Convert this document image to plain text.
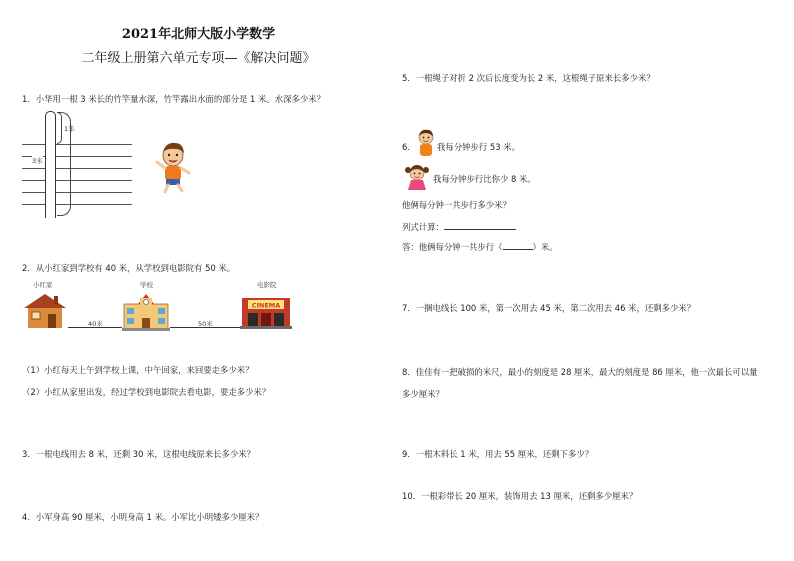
2021年北师大版小学数学
二年级上册第六单元专项—《解决问题》
1．小华用一根 3 米长的竹竿量水深，竹竿露出水面的部分是 1 米。水深多少米？
1米
3米
2．从小红家到学校有 40 米，从学校到电影院有 50 米。
小红家	学校	电影院
CINEMA
40米	50米
（1）小红每天上午到学校上课，中午回家，来回要走多少米？
（2）小红从家里出发，经过学校到电影院去看电影，要走多少米？
3．一根电线用去 8 米，还剩 30 米，这根电线原来长多少米？
4．小军身高 90 厘米，小明身高 1 米。小军比小明矮多少厘米？
5．一根绳子对折 2 次后长度变为长 2 米，这根绳子原来长多少米？
6．	我每分钟步行 53 米。
我每分钟步行比你少 8 米。
他俩每分钟一共步行多少米？
列式计算：
答：他俩每分钟一共步行（	）米。
7．一捆电线长 100 米，第一次用去 45 米，第二次用去 46 米，还剩多少米？
8．佳佳有一把破损的米尺，最小的刻度是 28 厘米，最大的刻度是 86 厘米，他一次最长可以量
多少厘米？
9．一根木料长 1 米，用去 55 厘米，还剩下多少？
10．一根彩带长 20 厘米，装饰用去 13 厘米，还剩多少厘米？
